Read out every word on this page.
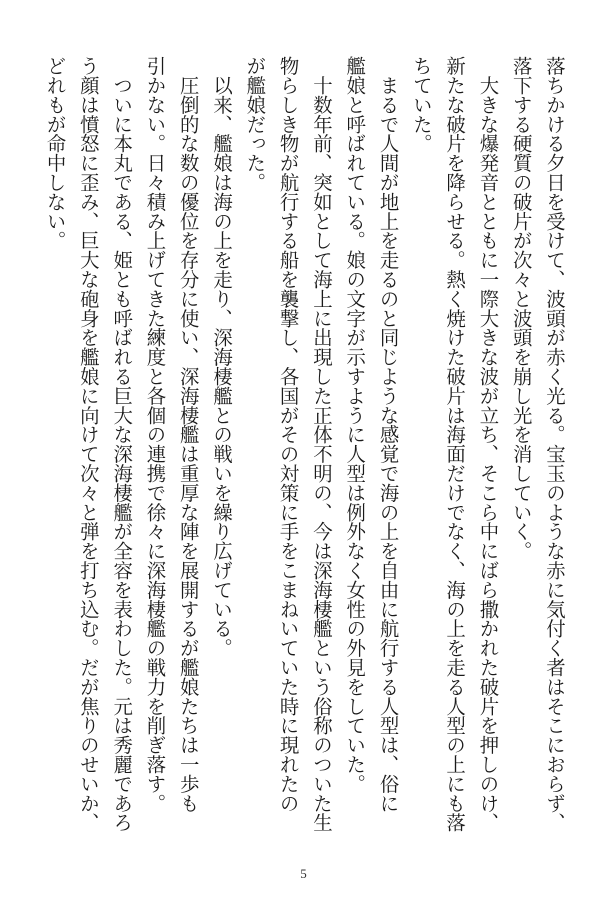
落ちかける夕日を受けて、波頭が赤く光る。宝玉のような赤に気付く者はそこにおらず、
落下する硬質の破片が次々と波頭を崩し光を消していく。
　大きな爆発音とともに一際大きな波が立ち、そこら中にばら撒かれた破片を押しのけ、
新たな破片を降らせる。熱く焼けた破片は海面だけでなく、海の上を走る人型の上にも落
ちていた。
　まるで人間が地上を走るのと同じような感覚で海の上を自由に航行する人型は、俗に
艦娘と呼ばれている。娘の文字が示すように人型は例外なく女性の外見をしていた。
　十数年前、突如として海上に出現した正体不明の、今は深海棲艦という俗称のついた生
物らしき物が航行する船を襲撃し、各国がその対策に手をこまねいていた時に現れたの
が艦娘だった。
　以来、艦娘は海の上を走り、深海棲艦との戦いを繰り広げている。
　圧倒的な数の優位を存分に使い、深海棲艦は重厚な陣を展開するが艦娘たちは一歩も
引かない。日々積み上げてきた練度と各個の連携で徐々に深海棲艦の戦力を削ぎ落す。
　ついに本丸である、姫とも呼ばれる巨大な深海棲艦が全容を表わした。元は秀麗であろ
う顔は憤怒に歪み、巨大な砲身を艦娘に向けて次々と弾を打ち込む。だが焦りのせいか、
どれもが命中しない。
5
